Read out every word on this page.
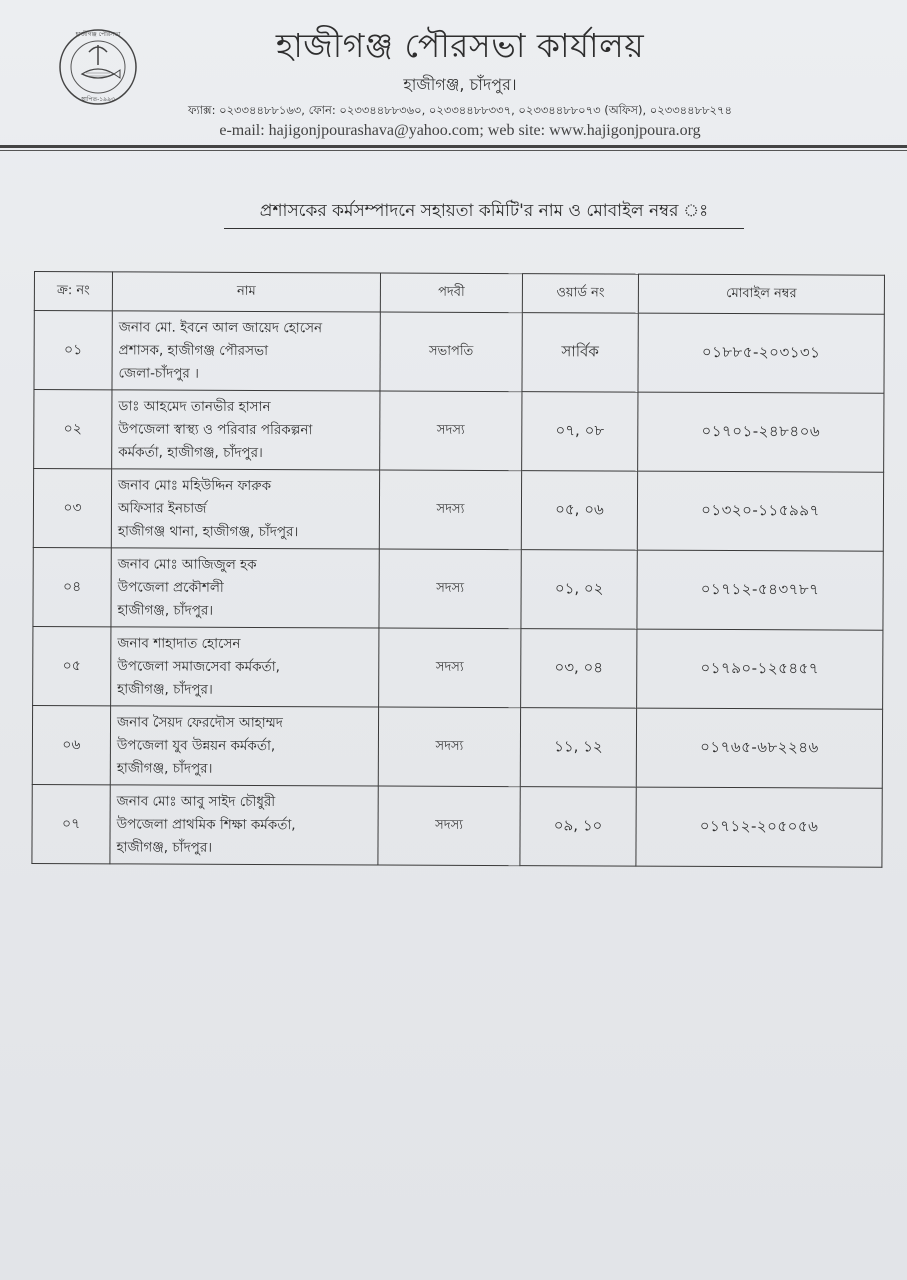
হাজীগঞ্জ পৌরসভা
স্থাপিত-১৯৯৩
হাজীগঞ্জ পৌরসভা কার্যালয়
হাজীগঞ্জ, চাঁদপুর।
ফ্যাক্স: ০২৩৩৪৪৮৮১৬৩, ফোন: ০২৩৩৪৪৮৮৩৬০, ০২৩৩৪৪৮৮৩৩৭, ০২৩৩৪৪৮৮০৭৩ (অফিস), ০২৩৩৪৪৮৮২৭৪
e-mail: hajigonjpourashava@yahoo.com; web site: www.hajigonjpoura.org
প্রশাসকের কর্মসম্পাদনে সহায়তা কমিটি'র নাম ও মোবাইল নম্বর ঃ
ক্র: নং	নাম	পদবী	ওয়ার্ড নং	মোবাইল নম্বর
০১	জনাব মো. ইবনে আল জায়েদ হোসেন
প্রশাসক, হাজীগঞ্জ পৌরসভা
জেলা-চাঁদপুর ।	সভাপতি	সার্বিক	০১৮৮৫-২০৩১৩১
০২	ডাঃ আহমেদ তানভীর হাসান
উপজেলা স্বাস্থ্য ও পরিবার পরিকল্পনা
কর্মকর্তা, হাজীগঞ্জ, চাঁদপুর।	সদস্য	০৭, ০৮	০১৭০১-২৪৮৪০৬
০৩	জনাব মোঃ মহিউদ্দিন ফারুক
অফিসার ইনচার্জ
হাজীগঞ্জ থানা, হাজীগঞ্জ, চাঁদপুর।	সদস্য	০৫, ০৬	০১৩২০-১১৫৯৯৭
০৪	জনাব মোঃ আজিজুল হক
উপজেলা প্রকৌশলী
হাজীগঞ্জ, চাঁদপুর।	সদস্য	০১, ০২	০১৭১২-৫৪৩৭৮৭
০৫	জনাব শাহাদাত হোসেন
উপজেলা সমাজসেবা কর্মকর্তা,
হাজীগঞ্জ, চাঁদপুর।	সদস্য	০৩, ০৪	০১৭৯০-১২৫৪৫৭
০৬	জনাব সৈয়দ ফেরদৌস আহাম্মদ
উপজেলা যুব উন্নয়ন কর্মকর্তা,
হাজীগঞ্জ, চাঁদপুর।	সদস্য	১১, ১২	০১৭৬৫-৬৮২২৪৬
০৭	জনাব মোঃ আবু সাইদ চৌধুরী
উপজেলা প্রাথমিক শিক্ষা কর্মকর্তা,
হাজীগঞ্জ, চাঁদপুর।	সদস্য	০৯, ১০	০১৭১২-২০৫০৫৬
